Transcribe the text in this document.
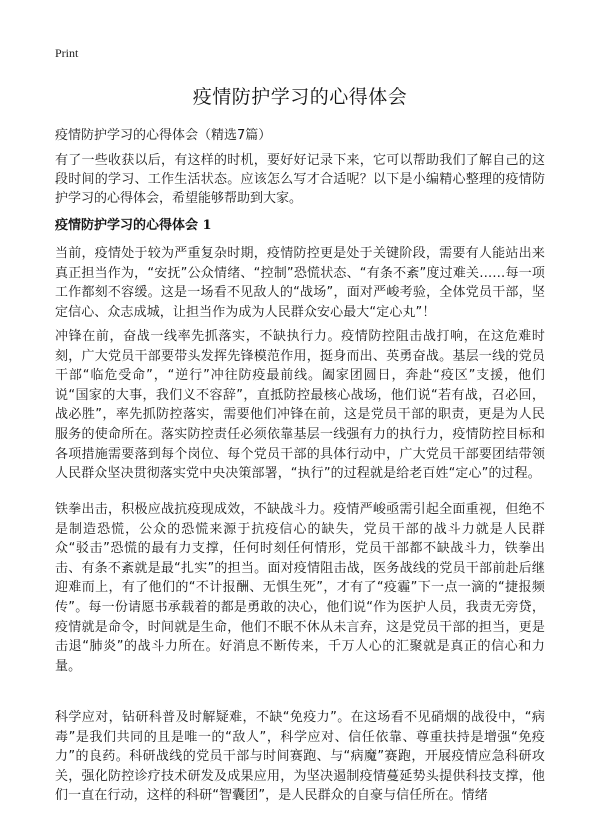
Print
疫情防护学习的心得体会

疫情防护学习的心得体会（精选7篇）

有了一些收获以后，有这样的时机，要好好记录下来，它可以帮助我们了解自己的这段时间的学习、工作生活状态。应该怎么写才合适呢？以下是小编精心整理的疫情防护学习的心得体会，希望能够帮助到大家。

疫情防护学习的心得体会 1

当前，疫情处于较为严重复杂时期，疫情防控更是处于关键阶段，需要有人能站出来真正担当作为，“安抚”公众情绪、“控制”恐慌状态、“有条不紊”度过难关……每一项工作都刻不容缓。这是一场看不见敌人的“战场”，面对严峻考验，全体党员干部，坚定信心、众志成城，让担当作为成为人民群众安心最大“定心丸”！

冲锋在前，奋战一线率先抓落实，不缺执行力。疫情防控阻击战打响，在这危难时刻，广大党员干部要带头发挥先锋模范作用，挺身而出、英勇奋战。基层一线的党员干部“临危受命”，“逆行”冲往防疫最前线。阖家团圆日，奔赴“疫区”支援，他们说“国家的大事，我们义不容辞”，直抵防控最核心战场，他们说“若有战，召必回，战必胜”，率先抓防控落实，需要他们冲锋在前，这是党员干部的职责，更是为人民服务的使命所在。落实防控责任必须依靠基层一线强有力的执行力，疫情防控目标和各项措施需要落到每个岗位、每个党员干部的具体行动中，广大党员干部要团结带领人民群众坚决贯彻落实党中央决策部署，“执行”的过程就是给老百姓“定心”的过程。

铁拳出击，积极应战抗疫现成效，不缺战斗力。疫情严峻亟需引起全面重视，但绝不是制造恐慌，公众的恐慌来源于抗疫信心的缺失，党员干部的战斗力就是人民群众“驳击”恐慌的最有力支撑，任何时刻任何情形，党员干部都不缺战斗力，铁拳出击、有条不紊就是最“扎实”的担当。面对疫情阻击战，医务战线的党员干部前赴后继迎难而上，有了他们的“不计报酬、无惧生死”，才有了“疫霾”下一点一滴的“捷报频传”。每一份请愿书承载着的都是勇敢的决心，他们说“作为医护人员，我责无旁贷，疫情就是命令，时间就是生命，他们不眠不休从未言弃，这是党员干部的担当，更是击退“肺炎”的战斗力所在。好消息不断传来，千万人心的汇聚就是真正的信心和力量。

科学应对，钻研科普及时解疑难，不缺“免疫力”。在这场看不见硝烟的战役中，“病毒”是我们共同的且是唯一的“敌人”，科学应对、信任依靠、尊重扶持是增强“免疫力”的良药。科研战线的党员干部与时间赛跑、与“病魔”赛跑，开展疫情应急科研攻关，强化防控诊疗技术研发及成果应用，为坚决遏制疫情蔓延势头提供科技支撑，他们一直在行动，这样的科研“智囊团”，是人民群众的自豪与信任所在。情绪
